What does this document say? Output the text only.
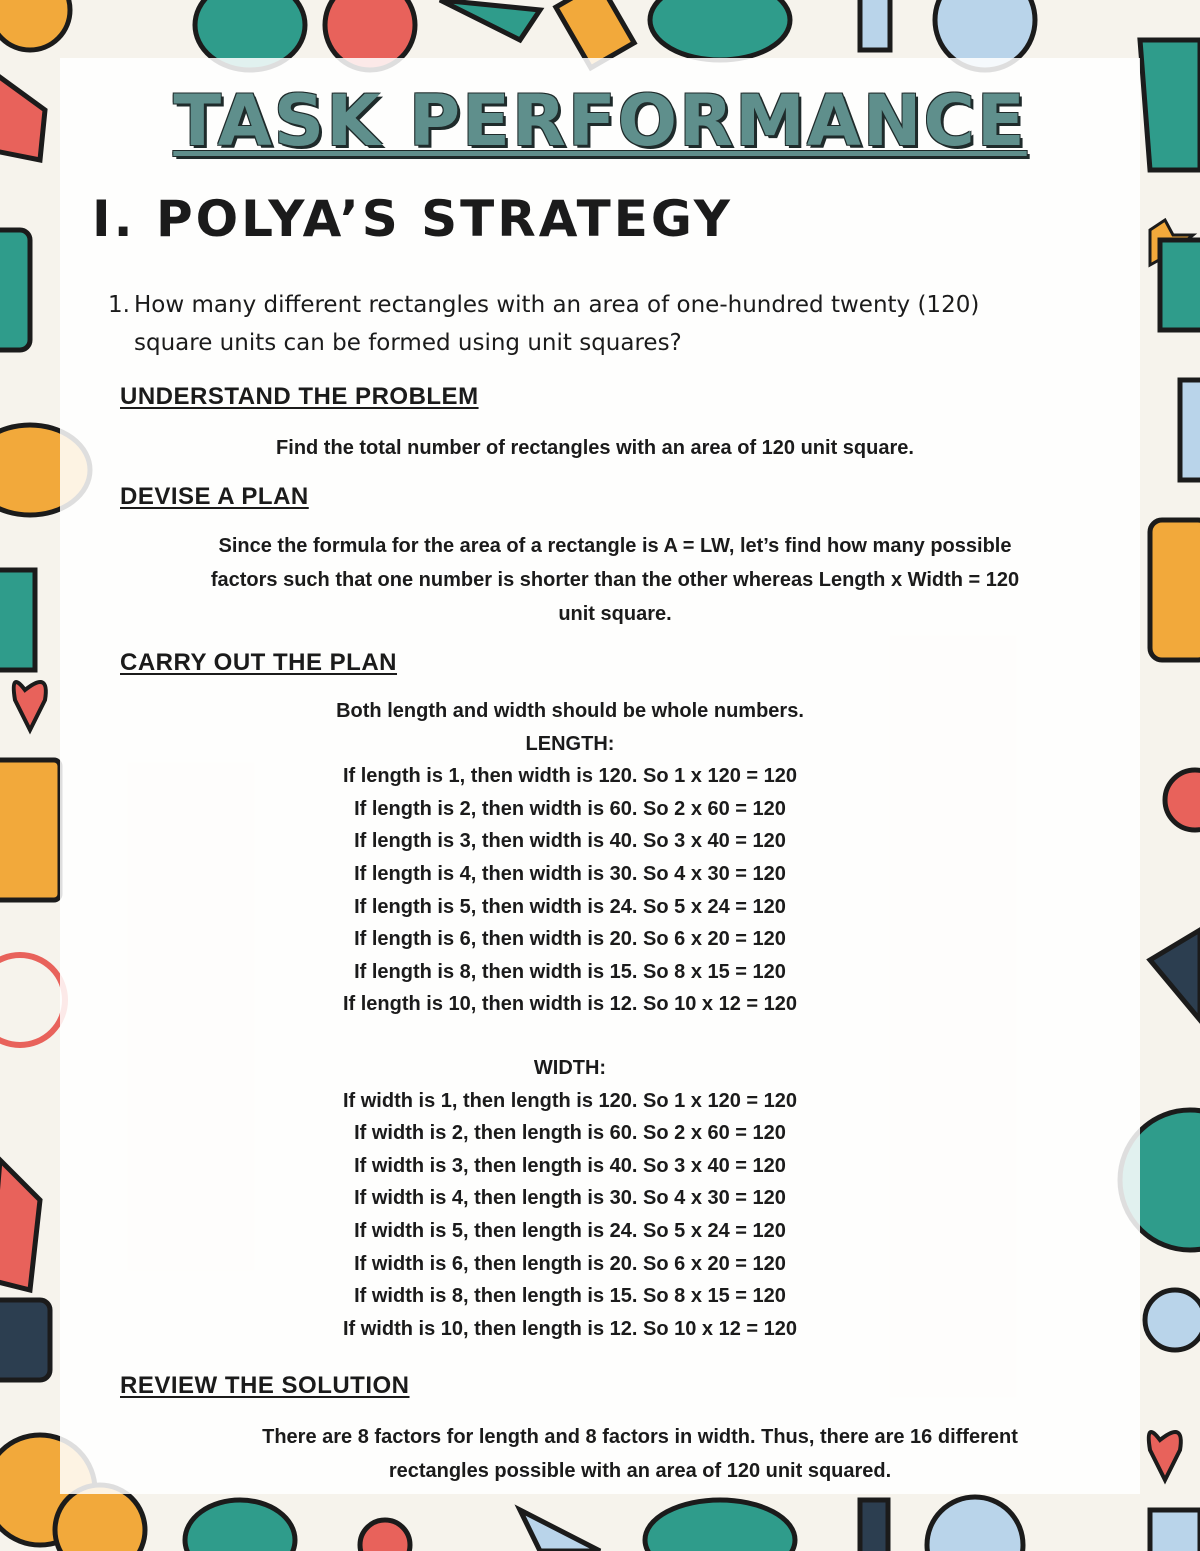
TASK PERFORMANCE
I. POLYA’S STRATEGY
1. How many different rectangles with an area of one-hundred twenty (120)
square units can be formed using unit squares?
UNDERSTAND THE PROBLEM

Find the total number of rectangles with an area of 120 unit square.

DEVISE A PLAN
Since the formula for the area of a rectangle is A = LW, let’s find how many possible
factors such that one number is shorter than the other whereas Length x Width = 120
unit square.
CARRY OUT THE PLAN
Both length and width should be whole numbers.
LENGTH:
If length is 1, then width is 120. So 1 x 120 = 120
If length is 2, then width is 60. So 2 x 60 = 120
If length is 3, then width is 40. So 3 x 40 = 120
If length is 4, then width is 30. So 4 x 30 = 120
If length is 5, then width is 24. So 5 x 24 = 120
If length is 6, then width is 20. So 6 x 20 = 120
If length is 8, then width is 15. So 8 x 15 = 120
If length is 10, then width is 12. So 10 x 12 = 120
WIDTH:
If width is 1, then length is 120. So 1 x 120 = 120
If width is 2, then length is 60. So 2 x 60 = 120
If width is 3, then length is 40. So 3 x 40 = 120
If width is 4, then length is 30. So 4 x 30 = 120
If width is 5, then length is 24. So 5 x 24 = 120
If width is 6, then length is 20. So 6 x 20 = 120
If width is 8, then length is 15. So 8 x 15 = 120
If width is 10, then length is 12. So 10 x 12 = 120
REVIEW THE SOLUTION
There are 8 factors for length and 8 factors in width. Thus, there are 16 different
rectangles possible with an area of 120 unit squared.
